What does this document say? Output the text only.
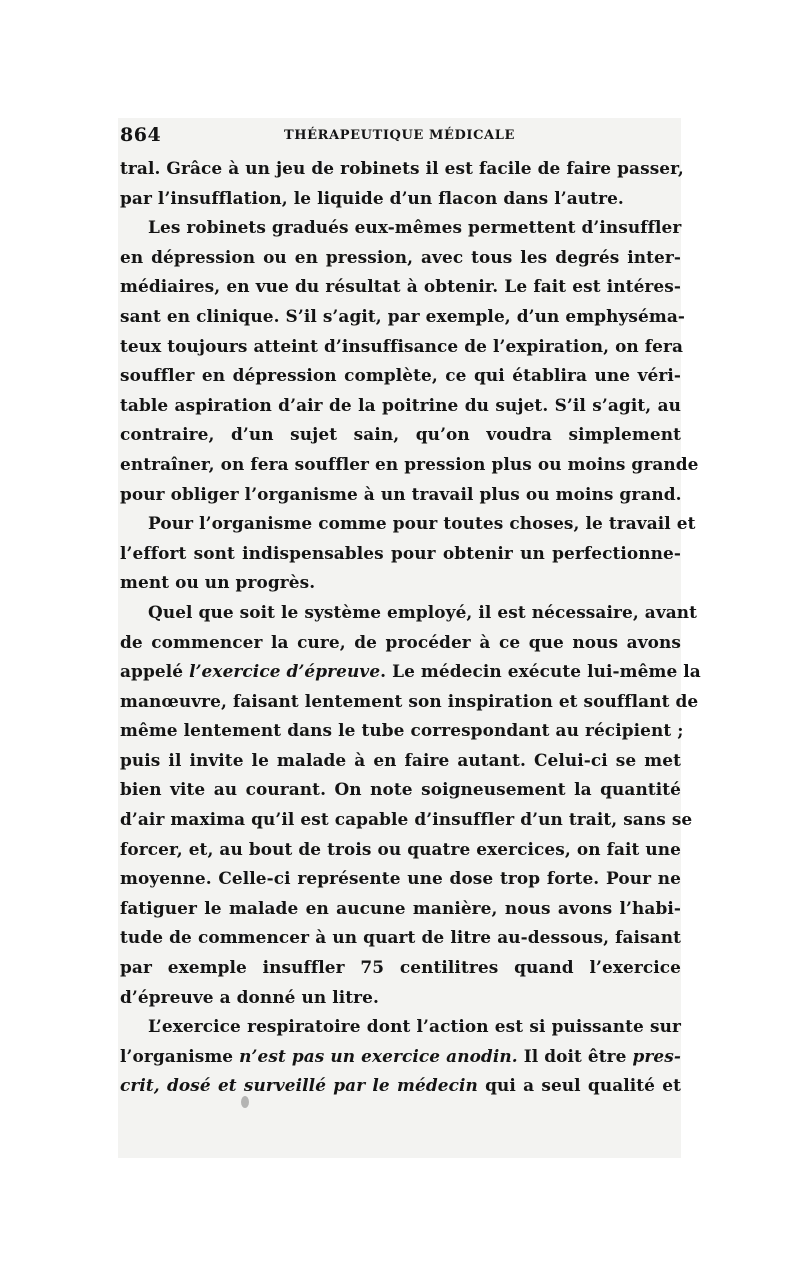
864	THÉRAPEUTIQUE MÉDICALE
tral. Grâce à un jeu de robinets il est facile de faire passer,
par l’insufflation, le liquide d’un flacon dans l’autre.
Les robinets gradués eux-mêmes permettent d’insuffler
en dépression ou en pression, avec tous les degrés inter-
médiaires, en vue du résultat à obtenir. Le fait est intéres-
sant en clinique. S’il s’agit, par exemple, d’un emphyséma-
teux toujours atteint d’insuffisance de l’expiration, on fera
souffler en dépression complète, ce qui établira une véri-
table aspiration d’air de la poitrine du sujet. S’il s’agit, au
contraire, d’un sujet sain, qu’on voudra simplement
entraîner, on fera souffler en pression plus ou moins grande
pour obliger l’organisme à un travail plus ou moins grand.
Pour l’organisme comme pour toutes choses, le travail et
l’effort sont indispensables pour obtenir un perfectionne-
ment ou un progrès.
Quel que soit le système employé, il est nécessaire, avant
de commencer la cure, de procéder à ce que nous avons
appelé l’exercice d’épreuve. Le médecin exécute lui-même la
manœuvre, faisant lentement son inspiration et soufflant de
même lentement dans le tube correspondant au récipient ;
puis il invite le malade à en faire autant. Celui-ci se met
bien vite au courant. On note soigneusement la quantité
d’air maxima qu’il est capable d’insuffler d’un trait, sans se
forcer, et, au bout de trois ou quatre exercices, on fait une
moyenne. Celle-ci représente une dose trop forte. Pour ne
fatiguer le malade en aucune manière, nous avons l’habi-
tude de commencer à un quart de litre au-dessous, faisant
par exemple insuffler 75 centilitres quand l’exercice
d’épreuve a donné un litre.
L’exercice respiratoire dont l’action est si puissante sur
l’organisme n’est pas un exercice anodin. Il doit être pres-
crit, dosé et surveillé par le médecin qui a seul qualité et
